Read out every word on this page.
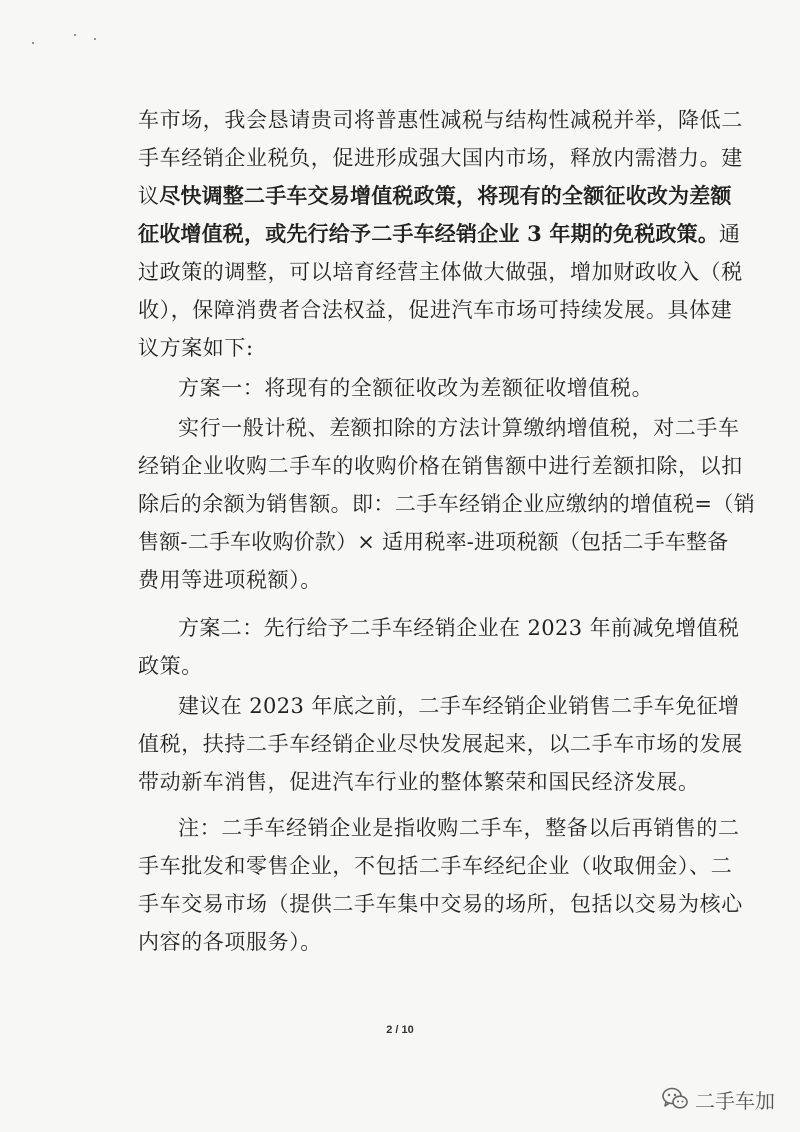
车市场，我会恳请贵司将普惠性减税与结构性减税并举，降低二
手车经销企业税负，促进形成强大国内市场，释放内需潜力。建
议尽快调整二手车交易增值税政策，将现有的全额征收改为差额
征收增值税，或先行给予二手车经销企业 3 年期的免税政策。通
过政策的调整，可以培育经营主体做大做强，增加财政收入（税
收），保障消费者合法权益，促进汽车市场可持续发展。具体建
议方案如下:
方案一：将现有的全额征收改为差额征收增值税。
实行一般计税、差额扣除的方法计算缴纳增值税，对二手车
经销企业收购二手车的收购价格在销售额中进行差额扣除，以扣
除后的余额为销售额。即：二手车经销企业应缴纳的增值税=（销
售额-二手车收购价款）× 适用税率-进项税额（包括二手车整备
费用等进项税额）。
方案二：先行给予二手车经销企业在 2023 年前减免增值税
政策。
建议在 2023 年底之前，二手车经销企业销售二手车免征增
值税，扶持二手车经销企业尽快发展起来，以二手车市场的发展
带动新车消售，促进汽车行业的整体繁荣和国民经济发展。
注：二手车经销企业是指收购二手车，整备以后再销售的二
手车批发和零售企业，不包括二手车经纪企业（收取佣金）、二
手车交易市场（提供二手车集中交易的场所，包括以交易为核心
内容的各项服务）。
2 / 10
二手车加
